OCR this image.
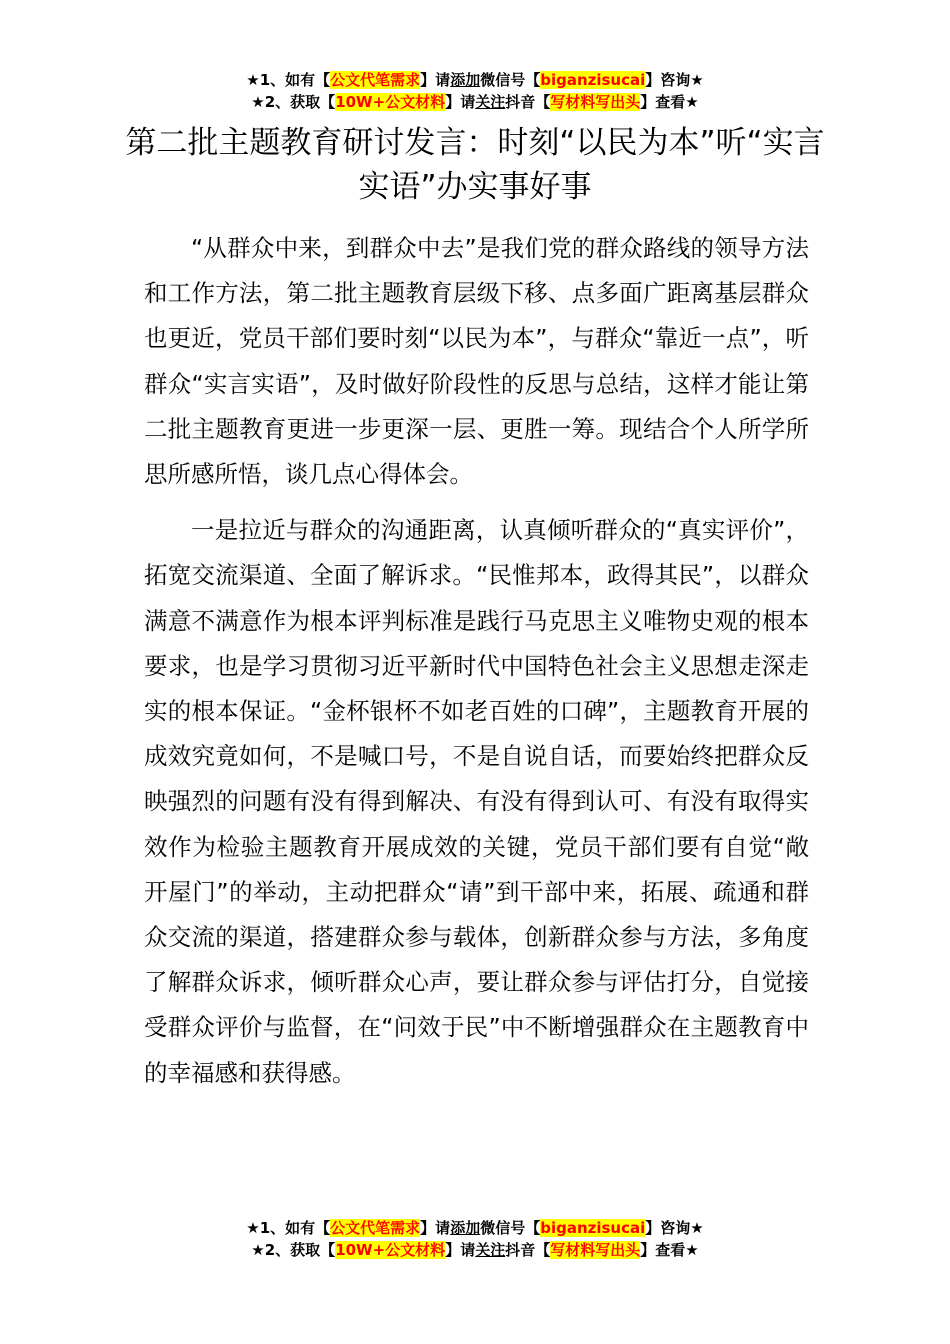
★1、如有【公文代笔需求】请添加微信号【biganzisucai】咨询★
★2、获取【10W+公文材料】请关注抖音【写材料写出头】查看★
第二批主题教育研讨发言：时刻“以民为本”听“实言实语”办实事好事

“从群众中来，到群众中去”是我们党的群众路线的领导方法和工作方法，第二批主题教育层级下移、点多面广距离基层群众也更近，党员干部们要时刻“以民为本”，与群众“靠近一点”，听群众“实言实语”，及时做好阶段性的反思与总结，这样才能让第二批主题教育更进一步更深一层、更胜一筹。现结合个人所学所思所感所悟，谈几点心得体会。

一是拉近与群众的沟通距离，认真倾听群众的“真实评价”，拓宽交流渠道、全面了解诉求。“民惟邦本，政得其民”，以群众满意不满意作为根本评判标准是践行马克思主义唯物史观的根本要求，也是学习贯彻习近平新时代中国特色社会主义思想走深走实的根本保证。“金杯银杯不如老百姓的口碑”，主题教育开展的成效究竟如何，不是喊口号，不是自说自话，而要始终把群众反映强烈的问题有没有得到解决、有没有得到认可、有没有取得实效作为检验主题教育开展成效的关键，党员干部们要有自觉“敞开屋门”的举动，主动把群众“请”到干部中来，拓展、疏通和群众交流的渠道，搭建群众参与载体，创新群众参与方法，多角度了解群众诉求，倾听群众心声，要让群众参与评估打分，自觉接受群众评价与监督，在“问效于民”中不断增强群众在主题教育中的幸福感和获得感。

★1、如有【公文代笔需求】请添加微信号【biganzisucai】咨询★
★2、获取【10W+公文材料】请关注抖音【写材料写出头】查看★
